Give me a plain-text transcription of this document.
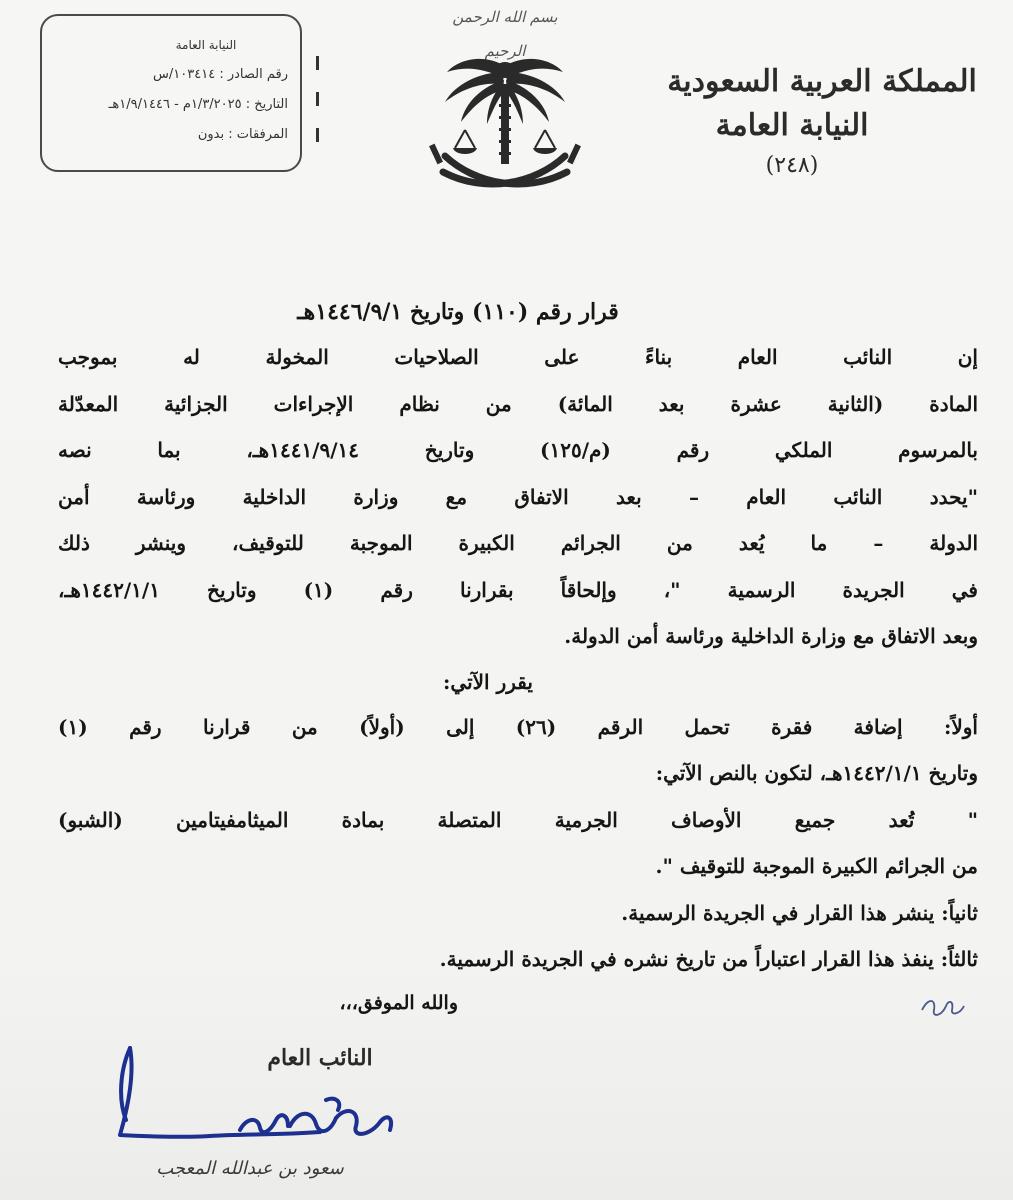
النيابة العامة
رقم الصادر : ١٠٣٤١٤/س
التاريخ : ١/٣/٢٠٢٥م - ١/٩/١٤٤٦هـ
المرفقات : بدون
بسم الله الرحمن الرحيم
المملكة العربية السعودية
النيابة العامة
(٢٤٨)
قرار رقم (١١٠) وتاريخ ١٤٤٦/٩/١هـ

إن النائب العام بناءً على الصلاحيات المخولة له بموجب

المادة (الثانية عشرة بعد المائة) من نظام الإجراءات الجزائية المعدّلة

بالمرسوم الملكي رقم (م/١٢٥) وتاريخ ١٤٤١/٩/١٤هـ، بما نصه

"يحدد النائب العام – بعد الاتفاق مع وزارة الداخلية ورئاسة أمن

الدولة – ما يُعد من الجرائم الكبيرة الموجبة للتوقيف، وينشر ذلك

في الجريدة الرسمية "، وإلحاقاً بقرارنا رقم (١) وتاريخ ١٤٤٢/١/١هـ،

وبعد الاتفاق مع وزارة الداخلية ورئاسة أمن الدولة.

يقرر الآتي:

أولاً: إضافة فقرة تحمل الرقم (٢٦) إلى (أولاً) من قرارنا رقم (١)

وتاريخ ١٤٤٢/١/١هـ، لتكون بالنص الآتي:

" تُعد جميع الأوصاف الجرمية المتصلة بمادة الميثامفيتامين (الشبو)

من الجرائم الكبيرة الموجبة للتوقيف ".

ثانياً: ينشر هذا القرار في الجريدة الرسمية.

ثالثاً: ينفذ هذا القرار اعتباراً من تاريخ نشره في الجريدة الرسمية.

والله الموفق،،،
النائب العام
سعود بن عبدالله المعجب
